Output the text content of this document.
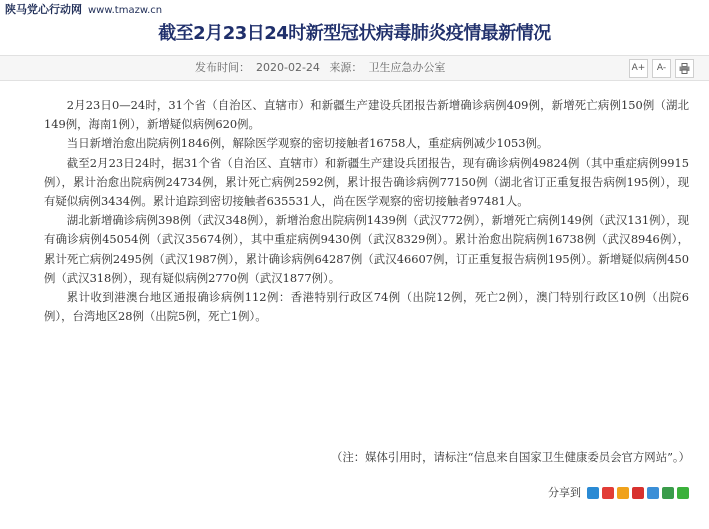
陕马党心行动网 www.tmazw.cn
截至2月23日24时新型冠状病毒肺炎疫情最新情况
发布时间： 2020-02-24 来源： 卫生应急办公室	A+	A-

2月23日0—24时，31个省（自治区、直辖市）和新疆生产建设兵团报告新增确诊病例409例，新增死亡病例150例（湖北149例，海南1例），新增疑似病例620例。

当日新增治愈出院病例1846例，解除医学观察的密切接触者16758人，重症病例减少1053例。

截至2月23日24时，据31个省（自治区、直辖市）和新疆生产建设兵团报告，现有确诊病例49824例（其中重症病例9915例），累计治愈出院病例24734例，累计死亡病例2592例，累计报告确诊病例77150例（湖北省订正重复报告病例195例），现有疑似病例3434例。累计追踪到密切接触者635531人，尚在医学观察的密切接触者97481人。

湖北新增确诊病例398例（武汉348例），新增治愈出院病例1439例（武汉772例），新增死亡病例149例（武汉131例），现有确诊病例45054例（武汉35674例），其中重症病例9430例（武汉8329例）。累计治愈出院病例16738例（武汉8946例），累计死亡病例2495例（武汉1987例），累计确诊病例64287例（武汉46607例，订正重复报告病例195例）。新增疑似病例450例（武汉318例），现有疑似病例2770例（武汉1877例）。

累计收到港澳台地区通报确诊病例112例：香港特别行政区74例（出院12例，死亡2例），澳门特别行政区10例（出院6例），台湾地区28例（出院5例，死亡1例）。

（注：媒体引用时，请标注“信息来自国家卫生健康委员会官方网站”。）
分享到
